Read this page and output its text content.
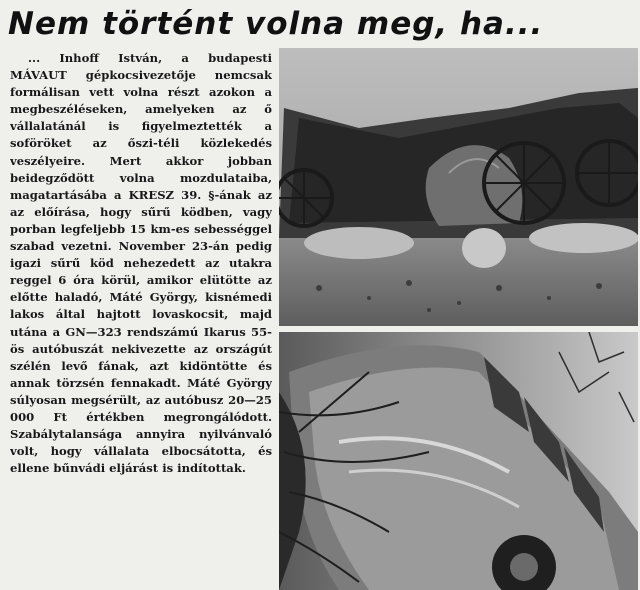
Nem történt volna meg, ha...

... Inhoff István, a budapesti MÁVAUT gépkocsivezetője nemcsak formálisan vett volna részt azokon a megbeszéléseken, amelyeken az ő vállalatánál is figyelmeztették a soföröket az őszi-téli közlekedés veszélyeire. Mert akkor jobban beidegződött volna mozdulataiba, magatartásába a KRESZ 39. §-ának az az előírása, hogy sűrű ködben, vagy porban legfeljebb 15 km-es sebességgel szabad vezetni. November 23-án pedig igazi sűrű köd nehezedett az utakra reggel 6 óra körül, amikor elütötte az előtte haladó, Máté György, kisnémedi lakos által hajtott lovaskocsit, majd utána a GN—323 rendszámú Ikarus 55-ös autóbuszát nekivezette az országút szélén levő fának, azt kidöntötte és annak törzsén fennakadt. Máté György súlyosan megsérült, az autóbusz 20—25 000 Ft értékben megrongálódott. Szabálytalansága annyira nyilvánvaló volt, hogy vállalata elbocsátotta, és ellene bűnvádi eljárást is indítottak.
